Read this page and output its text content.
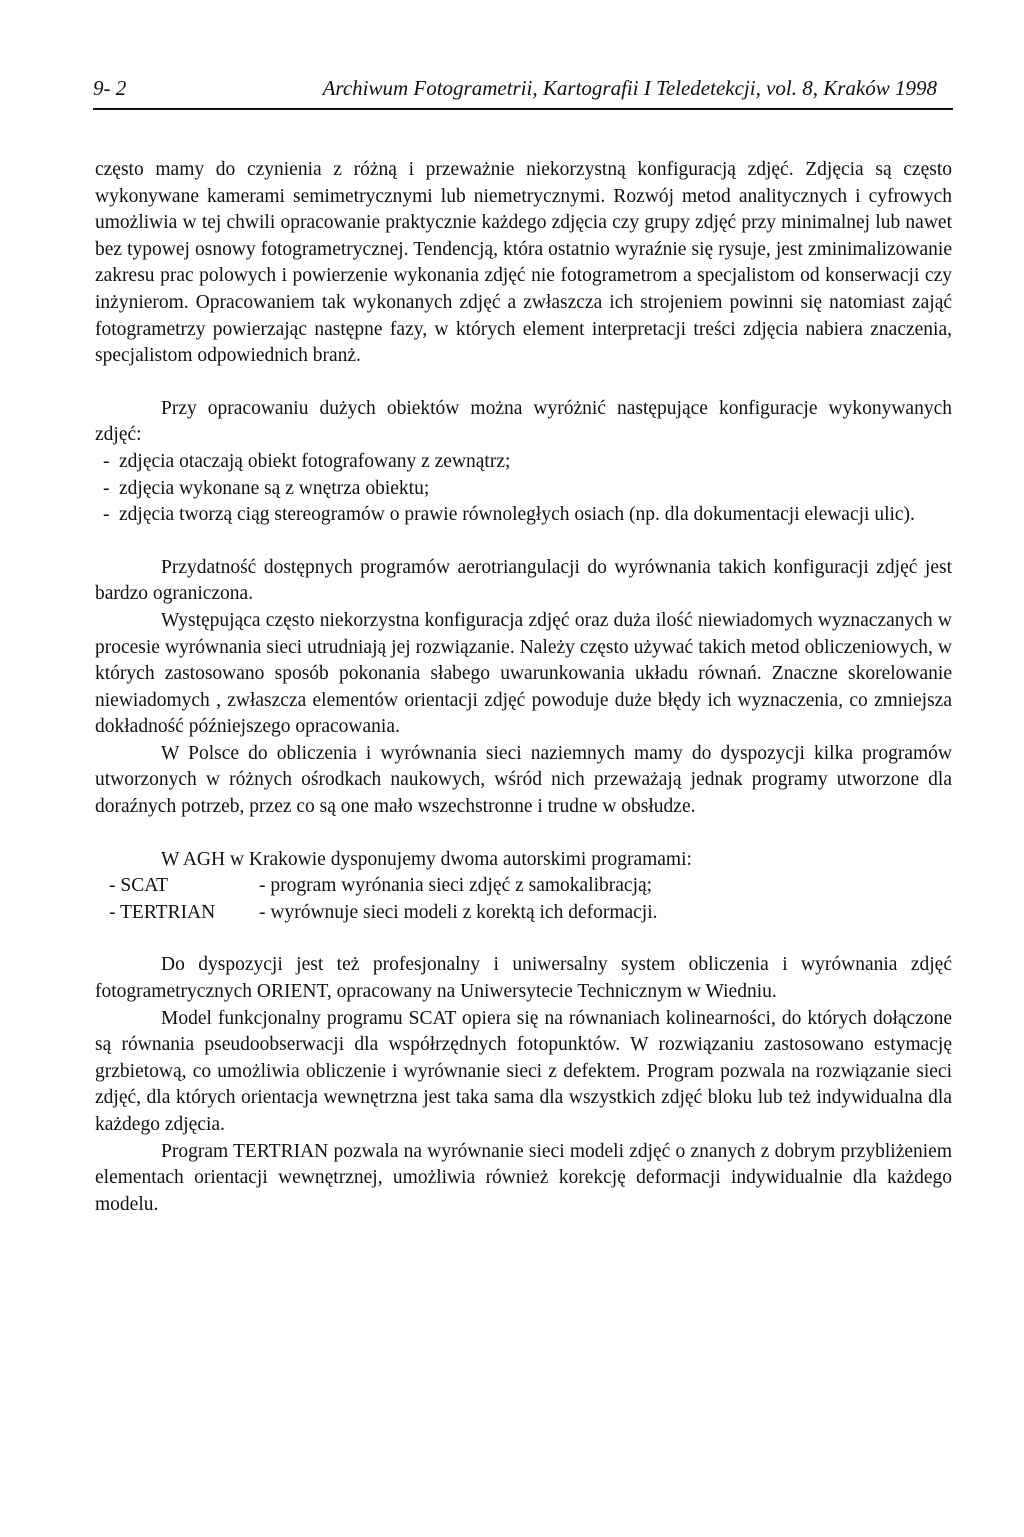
9- 2	Archiwum Fotogrametrii, Kartografii I Teledetekcji, vol. 8, Kraków 1998

często mamy do czynienia z różną i przeważnie niekorzystną konfiguracją zdjęć. Zdjęcia są często wykonywane kamerami semimetrycznymi lub niemetrycznymi. Rozwój metod analitycznych i cyfrowych umożliwia w tej chwili opracowanie praktycznie każdego zdjęcia czy grupy zdjęć przy minimalnej lub nawet bez typowej osnowy fotogrametrycznej. Tendencją, która ostatnio wyraźnie się rysuje, jest zminimalizowanie zakresu prac polowych i powierzenie wykonania zdjęć nie fotogrametrom a specjalistom od konserwacji czy inżynierom. Opracowaniem tak wykonanych zdjęć a zwłaszcza ich strojeniem powinni się natomiast zająć fotogrametrzy powierzając następne fazy, w których element interpretacji treści zdjęcia nabiera znaczenia, specjalistom odpowiednich branż.

Przy opracowaniu dużych obiektów można wyróżnić następujące konfiguracje wykonywanych zdjęć:

- zdjęcia otaczają obiekt fotografowany z zewnątrz;
- zdjęcia wykonane są z wnętrza obiektu;
- zdjęcia tworzą ciąg stereogramów o prawie równoległych osiach (np. dla dokumentacji elewacji ulic).

Przydatność dostępnych programów aerotriangulacji do wyrównania takich konfiguracji zdjęć jest bardzo ograniczona.

Występująca często niekorzystna konfiguracja zdjęć oraz duża ilość niewiadomych wyznaczanych w procesie wyrównania sieci utrudniają jej rozwiązanie. Należy często używać takich metod obliczeniowych, w których zastosowano sposób pokonania słabego uwarunkowania układu równań. Znaczne skorelowanie niewiadomych , zwłaszcza elementów orientacji zdjęć powoduje duże błędy ich wyznaczenia, co zmniejsza dokładność późniejszego opracowania.

W Polsce do obliczenia i wyrównania sieci naziemnych mamy do dyspozycji kilka programów utworzonych w różnych ośrodkach naukowych, wśród nich przeważają jednak programy utworzone dla doraźnych potrzeb, przez co są one mało wszechstronne i trudne w obsłudze.

W AGH w Krakowie dysponujemy dwoma autorskimi programami:

- SCAT	- program wyrónania sieci zdjęć z samokalibracją;
- TERTRIAN	- wyrównuje sieci modeli z korektą ich deformacji.

Do dyspozycji jest też profesjonalny i uniwersalny system obliczenia i wyrównania zdjęć fotogrametrycznych ORIENT, opracowany na Uniwersytecie Technicznym w Wiedniu.

Model funkcjonalny programu SCAT opiera się na równaniach kolinearności, do których dołączone są równania pseudoobserwacji dla współrzędnych fotopunktów. W rozwiązaniu zastosowano estymację grzbietową, co umożliwia obliczenie i wyrównanie sieci z defektem. Program pozwala na rozwiązanie sieci zdjęć, dla których orientacja wewnętrzna jest taka sama dla wszystkich zdjęć bloku lub też indywidualna dla każdego zdjęcia.

Program TERTRIAN pozwala na wyrównanie sieci modeli zdjęć o znanych z dobrym przybliżeniem elementach orientacji wewnętrznej, umożliwia również korekcję deformacji indywidualnie dla każdego modelu.
